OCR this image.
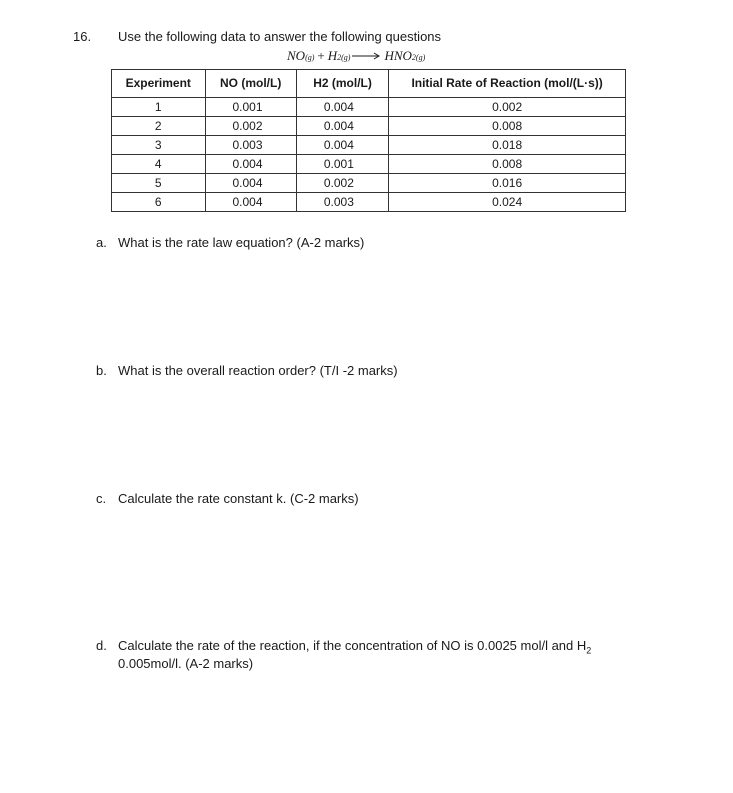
16. Use the following data to answer the following questions
NO (g) + H 2(g) → HNO 2(g)
Experiment	NO (mol/L)	H2 (mol/L)	Initial Rate of Reaction (mol/(L·s))
1	0.001	0.004	0.002
2	0.002	0.004	0.008
3	0.003	0.004	0.018
4	0.004	0.001	0.008
5	0.004	0.002	0.016
6	0.004	0.003	0.024
a. What is the rate law equation? (A-2 marks)
b. What is the overall reaction order? (T/I -2 marks)
c. Calculate the rate constant k. (C-2 marks)
d. Calculate the rate of the reaction, if the concentration of NO is 0.0025 mol/l and $H_2$
0.005mol/l. (A-2 marks)
